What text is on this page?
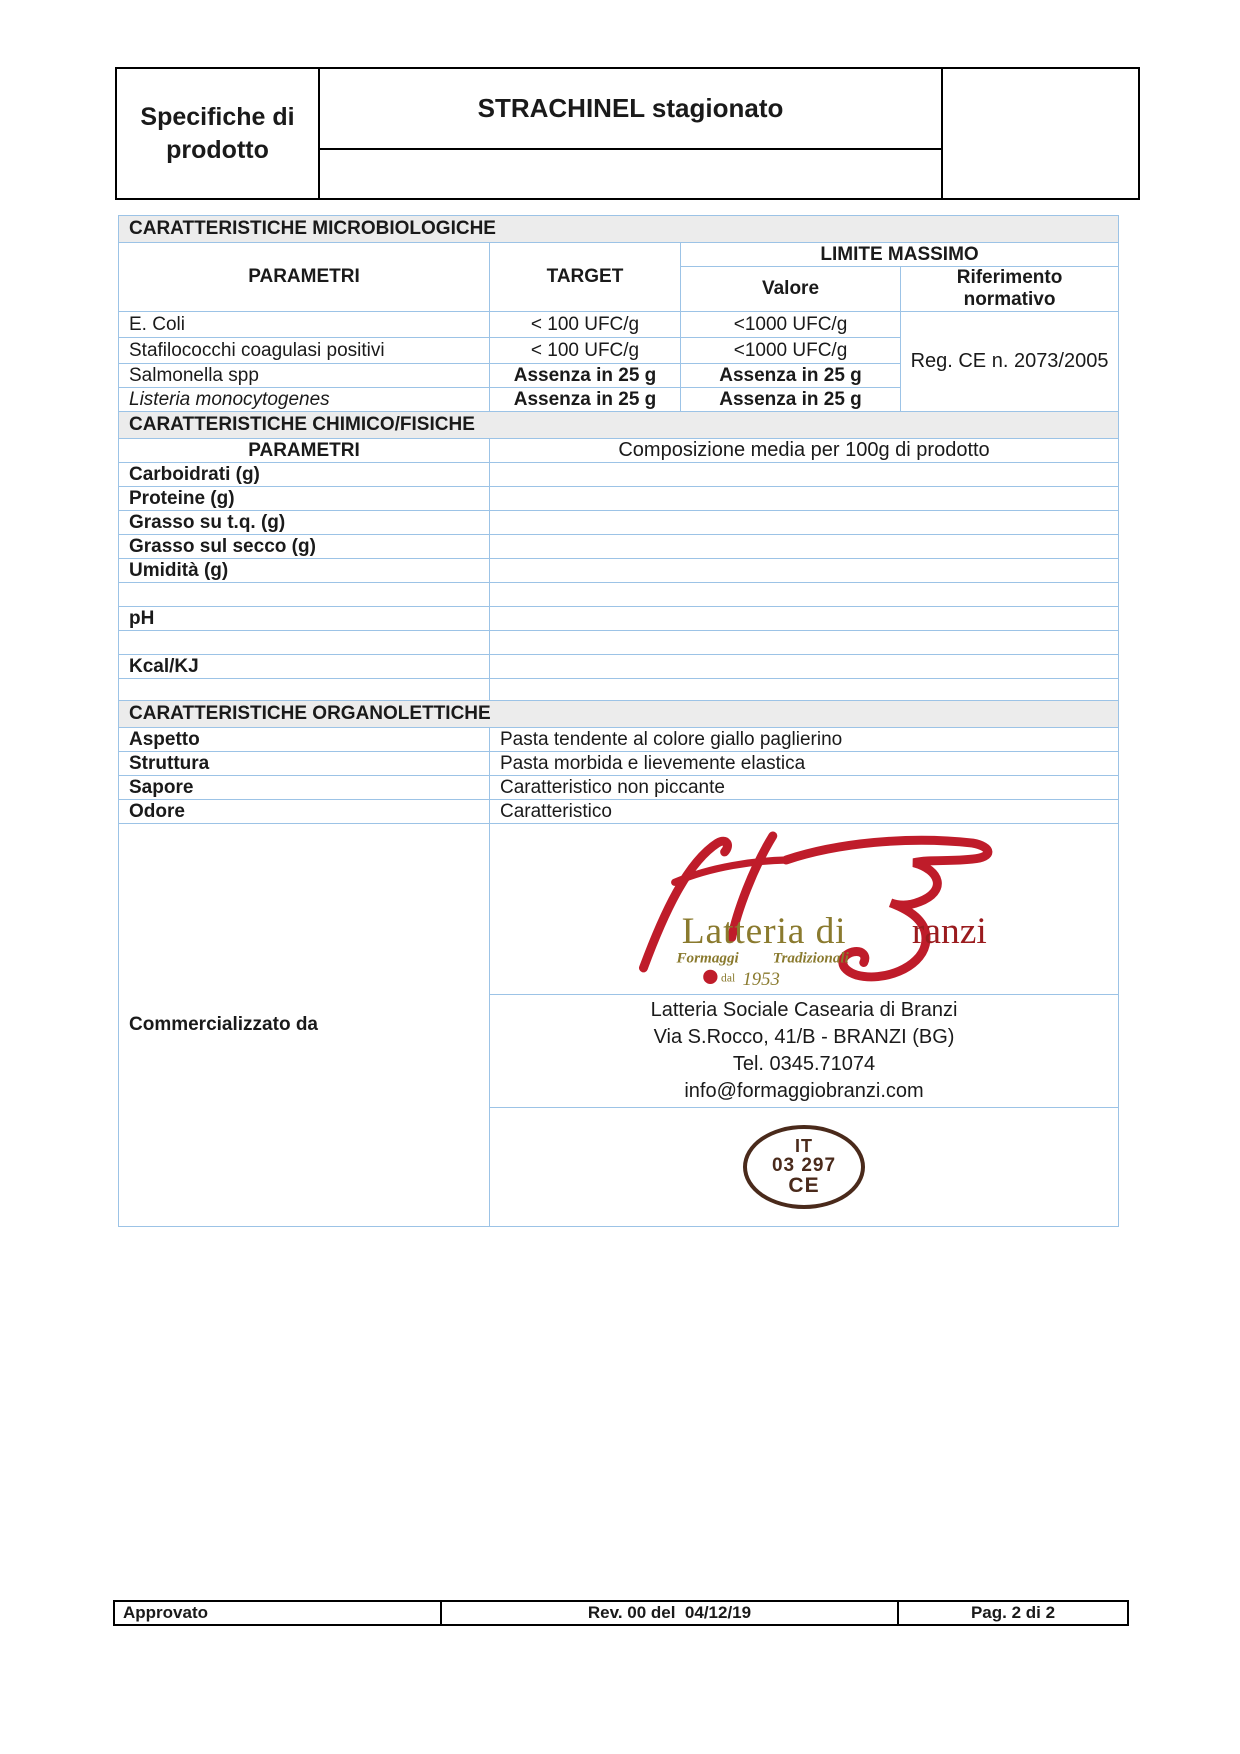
Specifiche di prodotto
STRACHINEL stagionato
CARATTERISTICHE MICROBIOLOGICHE			
PARAMETRI	TARGET	LIMITE MASSIMO	
		Valore	Riferimento normativo
E. Coli	< 100 UFC/g	<1000 UFC/g	Reg. CE n. 2073/2005
Stafilococchi coagulasi positivi	< 100 UFC/g	<1000 UFC/g	
Salmonella spp	Assenza in 25 g	Assenza in 25 g	
Listeria monocytogenes	Assenza in 25 g	Assenza in 25 g	
CARATTERISTICHE CHIMICO/FISICHE			
PARAMETRI	Composizione media per 100g di prodotto		
Carboidrati (g)			
Proteine (g)			
Grasso su t.q. (g)			
Grasso sul secco (g)			
Umidità (g)			

pH			

Kcal/KJ			

CARATTERISTICHE ORGANOLETTICHE	
Aspetto	Pasta tendente al colore giallo paglierino
Struttura	Pasta morbida e lievemente elastica
Sapore	Caratteristico non piccante
Odore	Caratteristico
Commercializzato da	
Latteria di ranzi
Formaggi Tradizionali
dal 1953
Latteria Sociale Casearia di Branzi
Via S.Rocco, 41/B - BRANZI (BG)
Tel. 0345.71074
info@formaggiobranzi.com
IT
03 297
CE
Approvato	Rev. 00 del  04/12/19	Pag. 2 di 2
